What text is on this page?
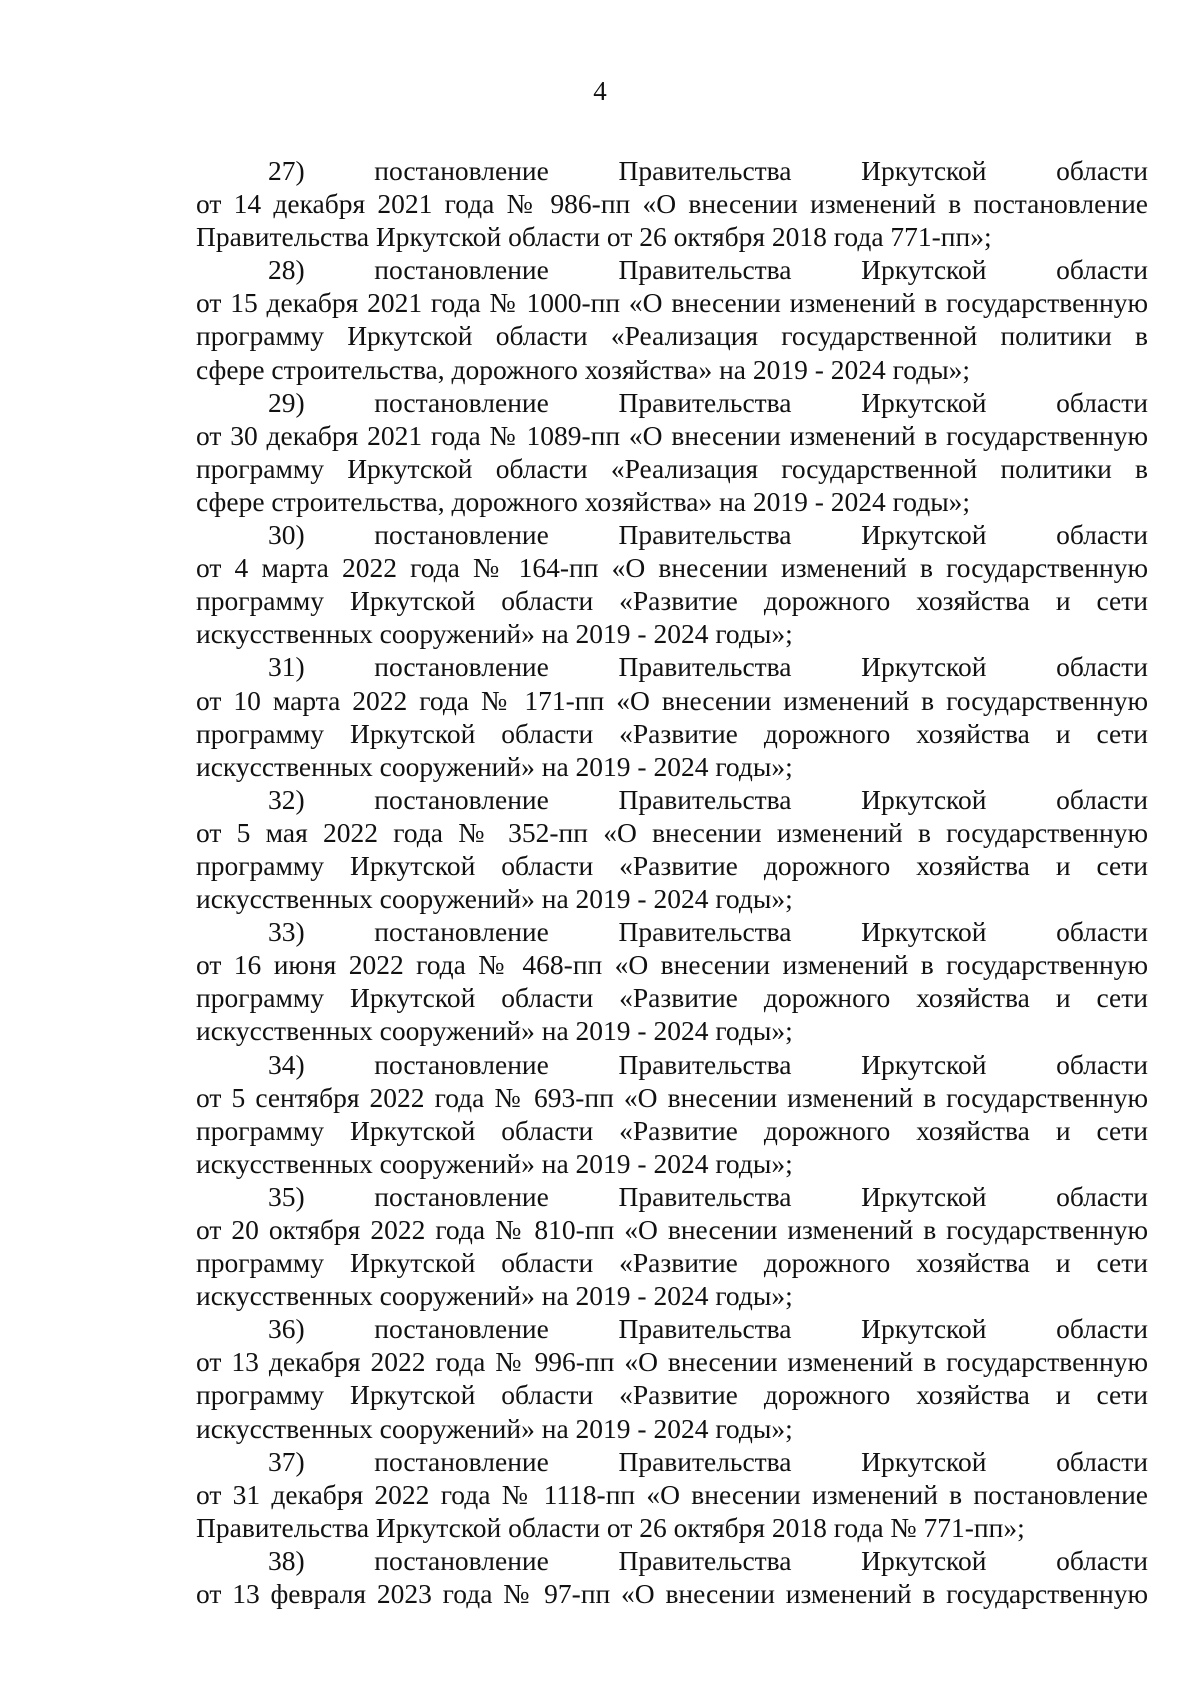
4

27) постановление Правительства Иркутской области

от 14 декабря 2021 года № 986-пп «О внесении изменений в постановление

Правительства Иркутской области от 26 октября 2018 года 771-пп»;

28) постановление Правительства Иркутской области

от 15 декабря 2021 года № 1000-пп «О внесении изменений в государственную

программу Иркутской области «Реализация государственной политики в

сфере строительства, дорожного хозяйства» на 2019 - 2024 годы»;

29) постановление Правительства Иркутской области

от 30 декабря 2021 года № 1089-пп «О внесении изменений в государственную

программу Иркутской области «Реализация государственной политики в

сфере строительства, дорожного хозяйства» на 2019 - 2024 годы»;

30) постановление Правительства Иркутской области

от 4 марта 2022 года № 164-пп «О внесении изменений в государственную

программу Иркутской области «Развитие дорожного хозяйства и сети

искусственных сооружений» на 2019 - 2024 годы»;

31) постановление Правительства Иркутской области

от 10 марта 2022 года № 171-пп «О внесении изменений в государственную

программу Иркутской области «Развитие дорожного хозяйства и сети

искусственных сооружений» на 2019 - 2024 годы»;

32) постановление Правительства Иркутской области

от 5 мая 2022 года № 352-пп «О внесении изменений в государственную

программу Иркутской области «Развитие дорожного хозяйства и сети

искусственных сооружений» на 2019 - 2024 годы»;

33) постановление Правительства Иркутской области

от 16 июня 2022 года № 468-пп «О внесении изменений в государственную

программу Иркутской области «Развитие дорожного хозяйства и сети

искусственных сооружений» на 2019 - 2024 годы»;

34) постановление Правительства Иркутской области

от 5 сентября 2022 года № 693-пп «О внесении изменений в государственную

программу Иркутской области «Развитие дорожного хозяйства и сети

искусственных сооружений» на 2019 - 2024 годы»;

35) постановление Правительства Иркутской области

от 20 октября 2022 года № 810-пп «О внесении изменений в государственную

программу Иркутской области «Развитие дорожного хозяйства и сети

искусственных сооружений» на 2019 - 2024 годы»;

36) постановление Правительства Иркутской области

от 13 декабря 2022 года № 996-пп «О внесении изменений в государственную

программу Иркутской области «Развитие дорожного хозяйства и сети

искусственных сооружений» на 2019 - 2024 годы»;

37) постановление Правительства Иркутской области

от 31 декабря 2022 года № 1118-пп «О внесении изменений в постановление

Правительства Иркутской области от 26 октября 2018 года № 771-пп»;

38) постановление Правительства Иркутской области

от 13 февраля 2023 года № 97-пп «О внесении изменений в государственную
